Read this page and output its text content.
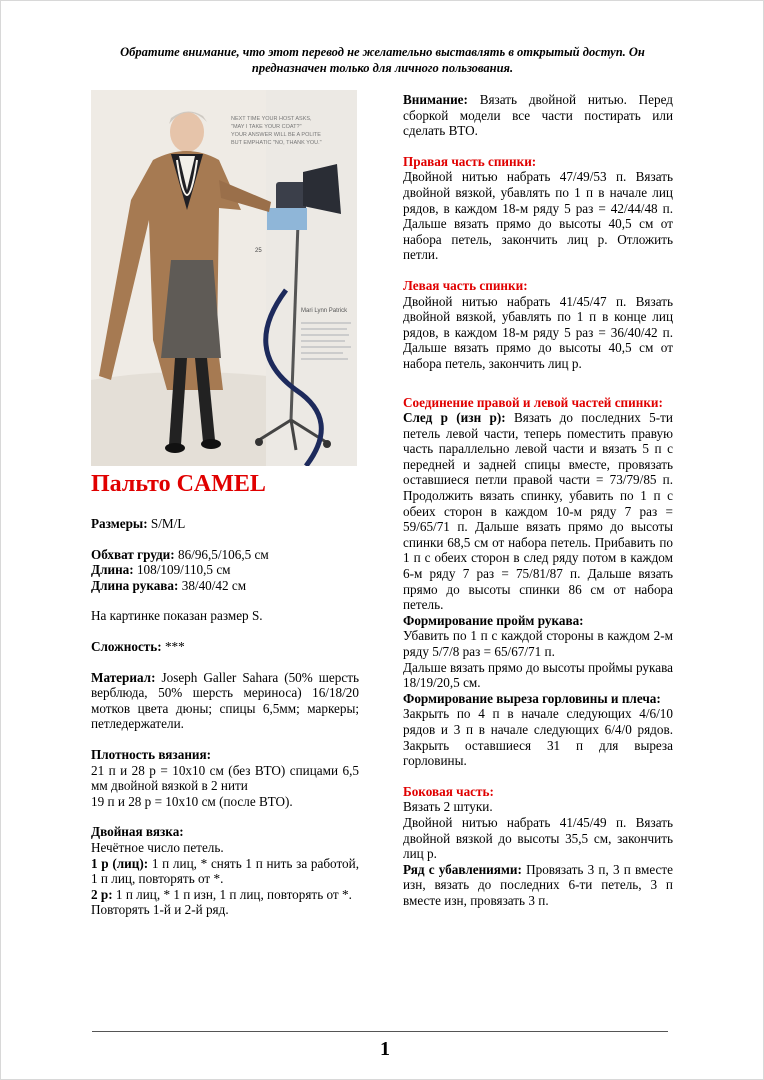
Обратите внимание, что этот перевод не желательно выставлять в открытый доступ. Он предназначен только для личного пользования.
NEXT TIME YOUR HOST ASKS,
"MAY I TAKE YOUR COAT?"
YOUR ANSWER WILL BE A POLITE
BUT EMPHATIC "NO, THANK YOU."
25
Mari Lynn Patrick
Пальто CAMEL

Размеры: S/M/L

Обхват груди: 86/96,5/106,5 см

Длина: 108/109/110,5 см

Длина рукава: 38/40/42 см

На картинке показан размер S.

Сложность: ***

Материал: Joseph Galler Sahara (50% шерсть верблюда, 50% шерсть мериноса) 16/18/20 мотков цвета дюны; спицы 6,5мм; маркеры; петледержатели.

Плотность вязания:

21 п и 28 р = 10х10 см (без ВТО) спицами 6,5 мм двойной вязкой в 2 нити

19 п и 28 р = 10х10 см (после ВТО).

Двойная вязка:

Нечётное число петель.

1 р (лиц): 1 п лиц, * снять 1 п нить за работой, 1 п лиц, повторять от *.

2 р: 1 п лиц, * 1 п изн, 1 п лиц, повторять от *.

Повторять 1-й и 2-й ряд.

Внимание: Вязать двойной нитью. Перед сборкой модели все части постирать или сделать ВТО.

Правая часть спинки:

Двойной нитью набрать 47/49/53 п. Вязать двойной вязкой, убавлять по 1 п в начале лиц рядов, в каждом 18-м ряду 5 раз = 42/44/48 п. Дальше вязать прямо до высоты 40,5 см от набора петель, закончить лиц р. Отложить петли.

Левая часть спинки:

Двойной нитью набрать 41/45/47 п. Вязать двойной вязкой, убавлять по 1 п в конце лиц рядов, в каждом 18-м ряду 5 раз = 36/40/42 п. Дальше вязать прямо до высоты 40,5 см от набора петель, закончить лиц р.

Соединение правой и левой частей спинки:

След р (изн р): Вязать до последних 5-ти петель левой части, теперь поместить правую часть параллельно левой части и вязать 5 п с передней и задней спицы вместе, провязать оставшиеся петли правой части = 73/79/85 п. Продолжить вязать спинку, убавить по 1 п с обеих сторон в каждом 10-м ряду 7 раз = 59/65/71 п. Дальше вязать прямо до высоты спинки 68,5 см от набора петель. Прибавить по 1 п с обеих сторон в след ряду потом в каждом 6-м ряду 7 раз = 75/81/87 п. Дальше вязать прямо до высоты спинки 86 см от набора петель.

Формирование пройм рукава:

Убавить по 1 п с каждой стороны в каждом 2-м ряду 5/7/8 раз = 65/67/71 п.

Дальше вязать прямо до высоты проймы рукава 18/19/20,5 см.

Формирование выреза горловины и плеча:

Закрыть по 4 п в начале следующих 4/6/10 рядов и 3 п в начале следующих 6/4/0 рядов. Закрыть оставшиеся 31 п для выреза горловины.

Боковая часть:

Вязать 2 штуки.

Двойной нитью набрать 41/45/49 п. Вязать двойной вязкой до высоты 35,5 см, закончить лиц р.

Ряд с убавлениями: Провязать 3 п, 3 п вместе изн, вязать до последних 6-ти петель, 3 п вместе изн, провязать 3 п.

1
